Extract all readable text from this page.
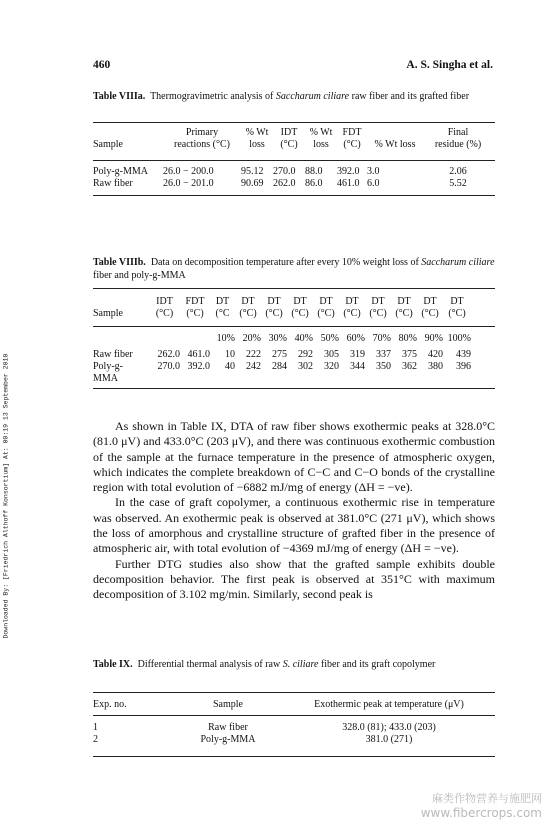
Downloaded By: [Friedrich Althoff Konsortium] At: 00:19 13 September 2010
460	A. S. Singha et al.
Table VIIIa. Thermogravimetric analysis of Saccharum ciliare raw fiber and its grafted fiber
	Primary	% Wt	IDT	% Wt	FDT		Final
Sample	reactions (°C)	loss	(°C)	loss	(°C)	% Wt loss	residue (%)
Poly-g-MMA	26.0 − 200.0	95.12	270.0	88.0	392.0	3.0	2.06
Raw fiber	26.0 − 201.0	90.69	262.0	86.0	461.0	6.0	5.52
Table VIIIb. Data on decomposition temperature after every 10% weight loss of Saccharum ciliare fiber and poly-g-MMA
	IDT	FDT	DT	DT	DT	DT	DT	DT	DT	DT	DT	DT
Sample	(°C)	(°C)	(°C	(°C)	(°C)	(°C)	(°C)	(°C)	(°C)	(°C)	(°C)	(°C)
			10%	20%	30%	40%	50%	60%	70%	80%	90%	100%
Raw fiber	262.0	461.0	10	222	275	292	305	319	337	375	420	439
Poly-g-	270.0	392.0	40	242	284	302	320	344	350	362	380	396
MMA												

As shown in Table IX, DTA of raw fiber shows exothermic peaks at 328.0°C (81.0 μV) and 433.0°C (203 μV), and there was continuous exothermic combustion of the sample at the furnace temperature in the presence of atmospheric oxygen, which indicates the complete breakdown of C−C and C−O bonds of the crystalline region with total evolution of −6882 mJ/mg of energy (ΔH = −ve).

In the case of graft copolymer, a continuous exothermic rise in temperature was observed. An exothermic peak is observed at 381.0°C (271 μV), which shows the loss of amorphous and crystalline structure of grafted fiber in the presence of atmospheric air, with total evolution of −4369 mJ/mg of energy (ΔH = −ve).

Further DTG studies also show that the grafted sample exhibits double decomposition behavior. The first peak is observed at 351°C with maximum decomposition of 3.102 mg/min. Similarly, second peak is

Table IX. Differential thermal analysis of raw S. ciliare fiber and its graft copolymer
Exp. no.	Sample	Exothermic peak at temperature (μV)
1	Raw fiber	328.0 (81); 433.0 (203)
2	Poly-g-MMA	381.0 (271)
麻类作物营养与施肥网
www.fibercrops.com
